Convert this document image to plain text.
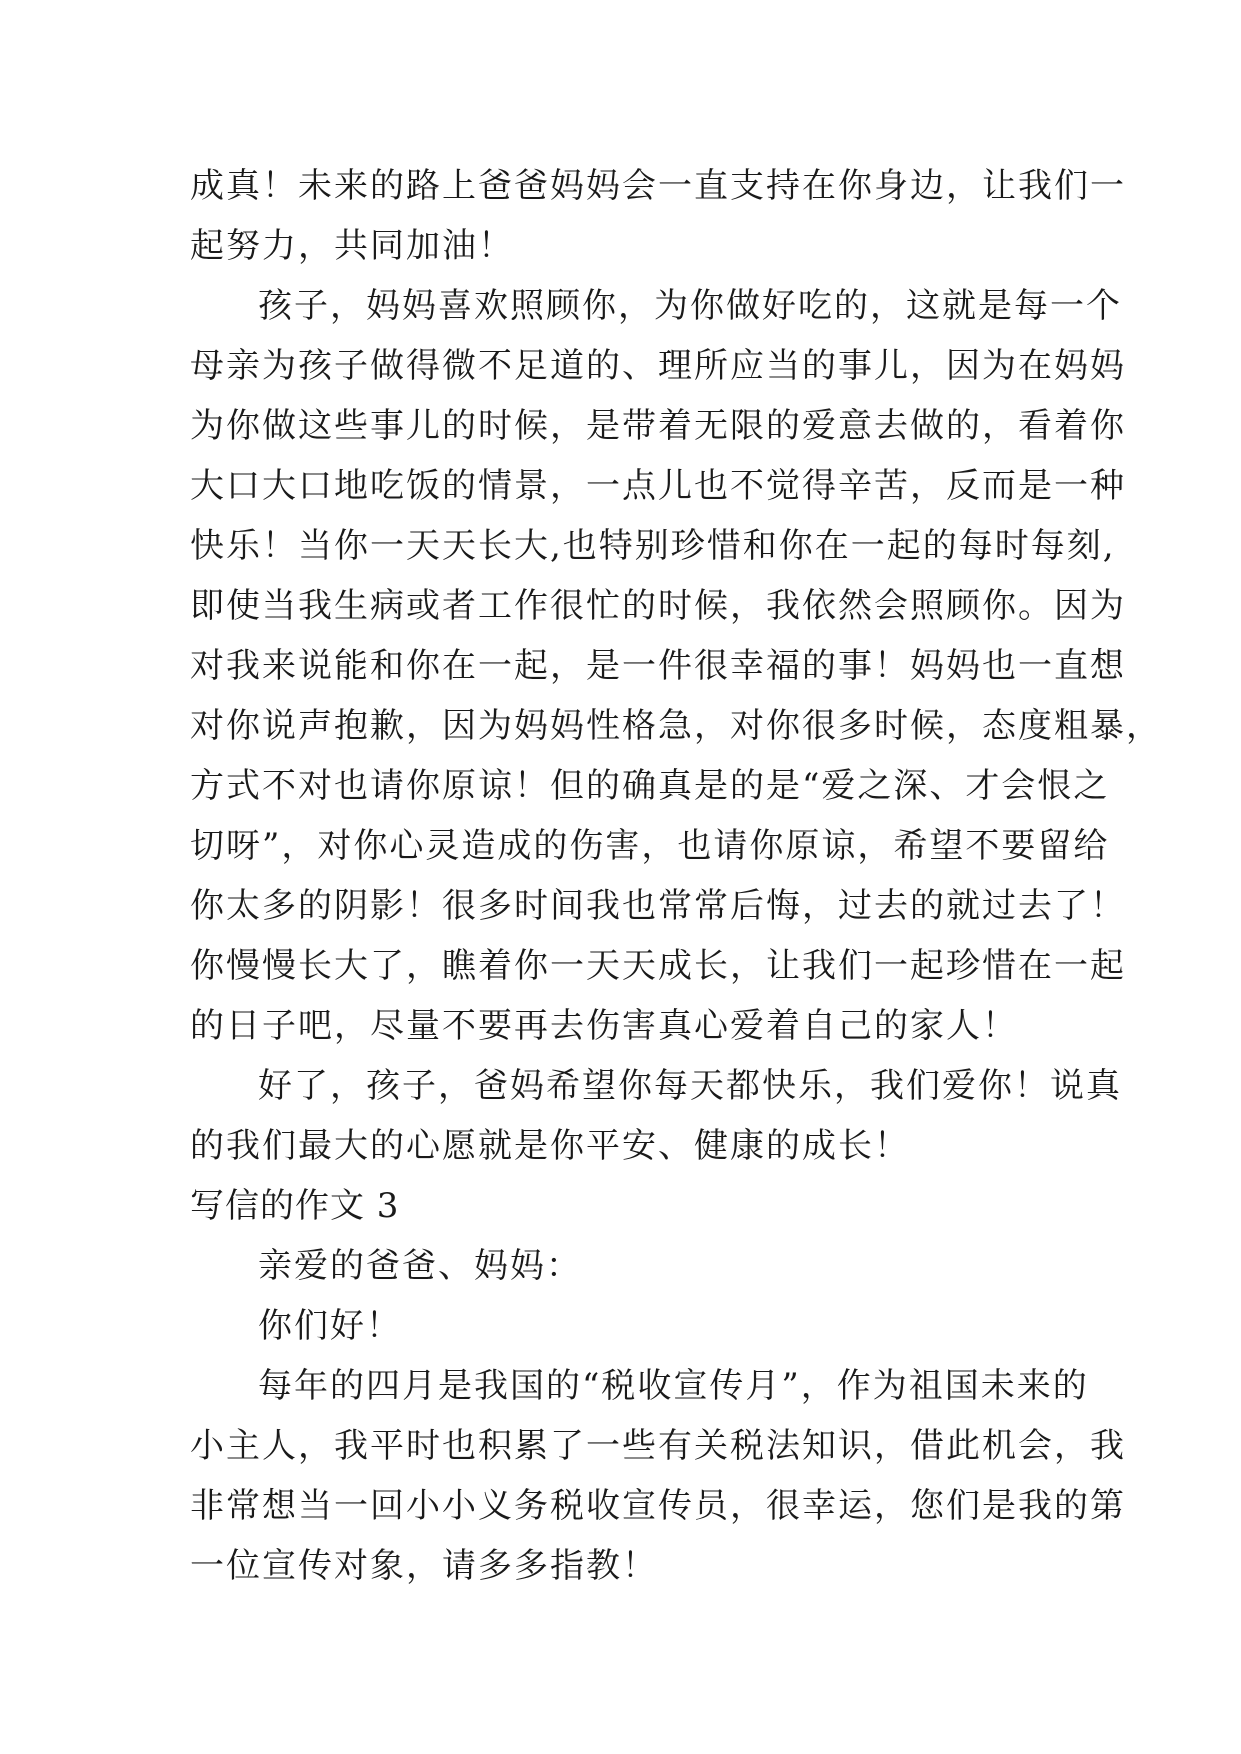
成真！未来的路上爸爸妈妈会一直支持在你身边，让我们一
起努力，共同加油！
孩子，妈妈喜欢照顾你，为你做好吃的，这就是每一个
母亲为孩子做得微不足道的、理所应当的事儿，因为在妈妈
为你做这些事儿的时候，是带着无限的爱意去做的，看着你
大口大口地吃饭的情景，一点儿也不觉得辛苦，反而是一种
快乐！当你一天天长大,也特别珍惜和你在一起的每时每刻,
即使当我生病或者工作很忙的时候，我依然会照顾你。因为
对我来说能和你在一起，是一件很幸福的事！妈妈也一直想
对你说声抱歉，因为妈妈性格急，对你很多时候，态度粗暴，
方式不对也请你原谅！但的确真是的是“爱之深、才会恨之
切呀”，对你心灵造成的伤害，也请你原谅，希望不要留给
你太多的阴影！很多时间我也常常后悔，过去的就过去了！
你慢慢长大了，瞧着你一天天成长，让我们一起珍惜在一起
的日子吧，尽量不要再去伤害真心爱着自己的家人！
好了，孩子，爸妈希望你每天都快乐，我们爱你！说真
的我们最大的心愿就是你平安、健康的成长！
写信的作文 3
亲爱的爸爸、妈妈：
你们好！
每年的四月是我国的“税收宣传月”，作为祖国未来的
小主人，我平时也积累了一些有关税法知识，借此机会，我
非常想当一回小小义务税收宣传员，很幸运，您们是我的第
一位宣传对象，请多多指教！
